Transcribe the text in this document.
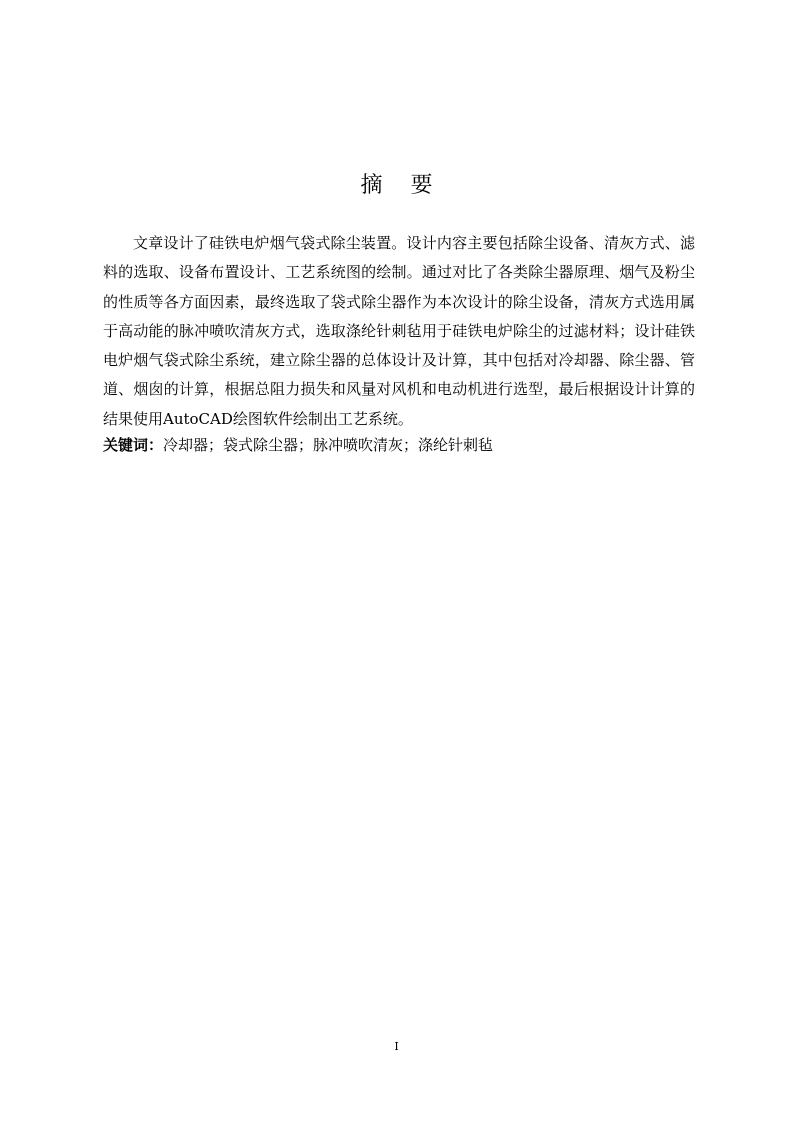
摘    要

文章设计了硅铁电炉烟气袋式除尘装置。设计内容主要包括除尘设备、清灰方式、滤料的选取、设备布置设计、工艺系统图的绘制。通过对比了各类除尘器原理、烟气及粉尘的性质等各方面因素，最终选取了袋式除尘器作为本次设计的除尘设备，清灰方式选用属于高动能的脉冲喷吹清灰方式，选取涤纶针刺毡用于硅铁电炉除尘的过滤材料；设计硅铁电炉烟气袋式除尘系统，建立除尘器的总体设计及计算，其中包括对冷却器、除尘器、管道、烟囱的计算，根据总阻力损失和风量对风机和电动机进行选型，最后根据设计计算的结果使用AutoCAD绘图软件绘制出工艺系统。

关键词：冷却器；袋式除尘器；脉冲喷吹清灰；涤纶针刺毡

I
